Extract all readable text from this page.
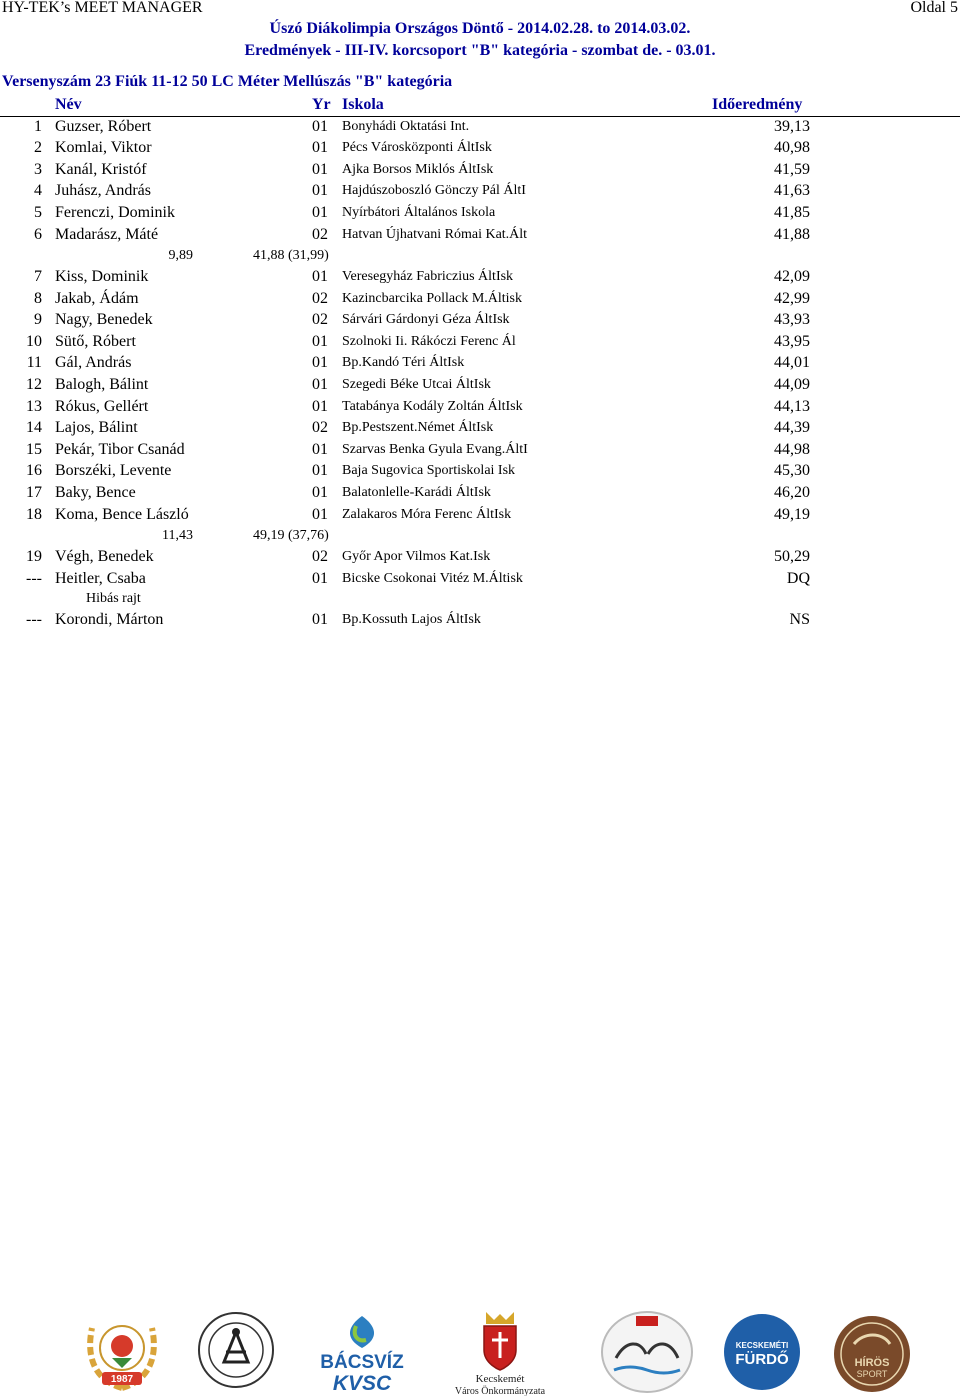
HY-TEK’s MEET MANAGER	Oldal 5
Úszó Diákolimpia Országos Döntő - 2014.02.28. to 2014.03.02.
Eredmények - III-IV. korcsoport "B" kategória - szombat de. - 03.01.
Versenyszám 23 Fiúk 11-12 50 LC Méter Mellúszás "B" kategória
Név	Yr Iskola	Időeredmény
1 Guzser, Róbert	01 Bonyhádi Oktatási Int.	39,13
2 Komlai, Viktor	01 Pécs Városközponti ÁltIsk	40,98
3 Kanál, Kristóf	01 Ajka Borsos Miklós ÁltIsk	41,59
4 Juhász, András	01 Hajdúszoboszló Gönczy Pál ÁltI	41,63
5 Ferenczi, Dominik	01 Nyírbátori Általános Iskola	41,85
6 Madarász, Máté	02 Hatvan Újhatvani Római Kat.Ált	41,88
9,89	41,88 (31,99)
7 Kiss, Dominik	01 Veresegyház Fabriczius ÁltIsk	42,09
8 Jakab, Ádám	02 Kazincbarcika Pollack M.Áltisk	42,99
9 Nagy, Benedek	02 Sárvári Gárdonyi Géza ÁltIsk	43,93
10 Sütő, Róbert	01 Szolnoki Ii. Rákóczi Ferenc Ál	43,95
11 Gál, András	01 Bp.Kandó Téri ÁltIsk	44,01
12 Balogh, Bálint	01 Szegedi Béke Utcai ÁltIsk	44,09
13 Rókus, Gellért	01 Tatabánya Kodály Zoltán ÁltIsk	44,13
14 Lajos, Bálint	02 Bp.Pestszent.Német ÁltIsk	44,39
15 Pekár, Tibor Csanád	01 Szarvas Benka Gyula Evang.ÁltI	44,98
16 Borszéki, Levente	01 Baja Sugovica Sportiskolai Isk	45,30
17 Baky, Bence	01 Balatonlelle-Karádi ÁltIsk	46,20
18 Koma, Bence László	01 Zalakaros Móra Ferenc ÁltIsk	49,19
11,43	49,19 (37,76)
19 Végh, Benedek	02 Győr Apor Vilmos Kat.Isk	50,29
--- Heitler, Csaba	01 Bicske Csokonai Vitéz M.Áltisk	DQ
Hibás rajt
--- Korondi, Márton	01 Bp.Kossuth Lajos ÁltIsk	NS
1987
BÁCSVÍZ
KVSC	Kecskemét
Város Önkormányzata
KECSKEMÉTI
FÜRDŐ	HÍRÖS
SPORT
